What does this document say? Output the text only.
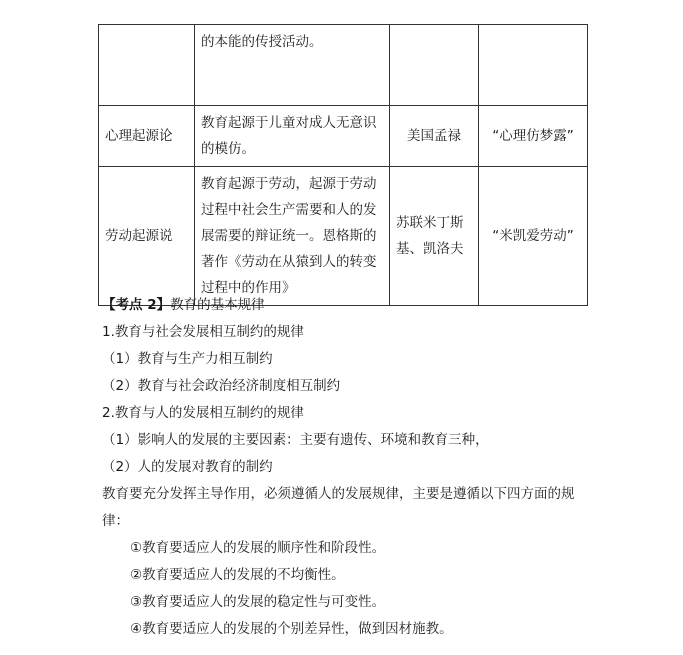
	的本能的传授活动。		
心理起源论	教育起源于儿童对成人无意识的模仿。	美国孟禄	“心理仿梦露”
劳动起源说	教育起源于劳动，起源于劳动过程中社会生产需要和人的发展需要的辩证统一。恩格斯的著作《劳动在从猿到人的转变过程中的作用》	苏联米丁斯基、凯洛夫	“米凯爱劳动”
【考点 2】教育的基本规律
1.教育与社会发展相互制约的规律
（1）教育与生产力相互制约
（2）教育与社会政治经济制度相互制约
2.教育与人的发展相互制约的规律
（1）影响人的发展的主要因素：主要有遗传、环境和教育三种，
（2）人的发展对教育的制约
教育要充分发挥主导作用，必须遵循人的发展规律，主要是遵循以下四方面的规律：
①教育要适应人的发展的顺序性和阶段性。
②教育要适应人的发展的不均衡性。
③教育要适应人的发展的稳定性与可变性。
④教育要适应人的发展的个别差异性，做到因材施教。
